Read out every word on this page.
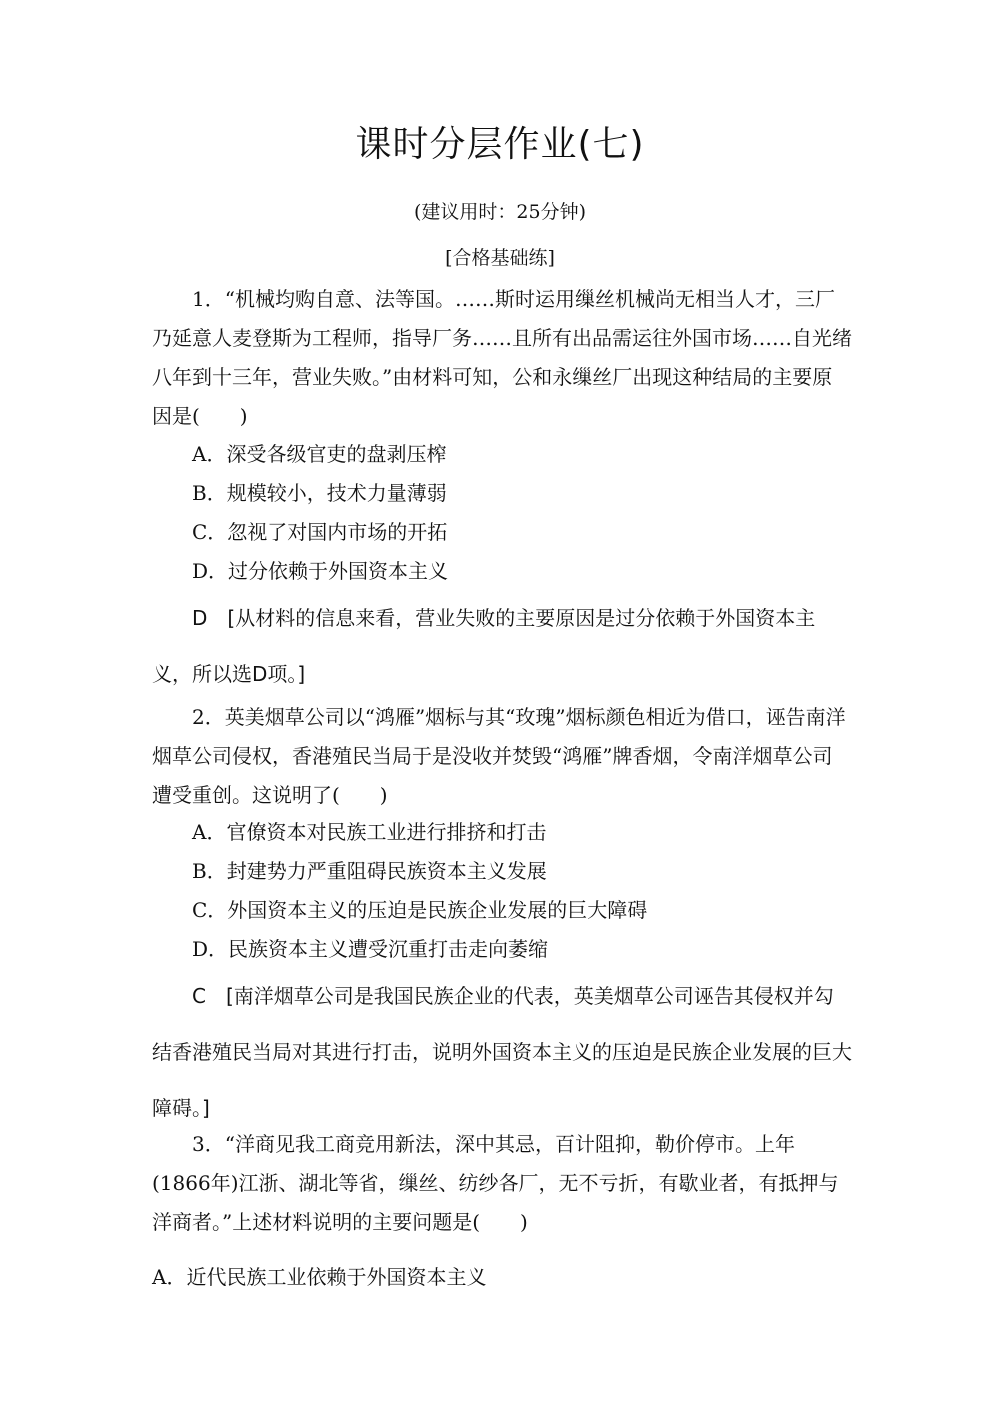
课时分层作业(七)
(建议用时：25分钟)
[合格基础练]
1．“机械均购自意、法等国。……斯时运用缫丝机械尚无相当人才，三厂乃延意人麦登斯为工程师，指导厂务……且所有出品需运往外国市场……自光绪八年到十三年，营业失败。”由材料可知，公和永缫丝厂出现这种结局的主要原因是(　　)
A．深受各级官吏的盘剥压榨
B．规模较小，技术力量薄弱
C．忽视了对国内市场的开拓
D．过分依赖于外国资本主义
D　[从材料的信息来看，营业失败的主要原因是过分依赖于外国资本主义，所以选D项。]
2．英美烟草公司以“鸿雁”烟标与其“玫瑰”烟标颜色相近为借口，诬告南洋烟草公司侵权，香港殖民当局于是没收并焚毁“鸿雁”牌香烟，令南洋烟草公司遭受重创。这说明了(　　)
A．官僚资本对民族工业进行排挤和打击
B．封建势力严重阻碍民族资本主义发展
C．外国资本主义的压迫是民族企业发展的巨大障碍
D．民族资本主义遭受沉重打击走向萎缩
C　[南洋烟草公司是我国民族企业的代表，英美烟草公司诬告其侵权并勾结香港殖民当局对其进行打击，说明外国资本主义的压迫是民族企业发展的巨大障碍。]
3．“洋商见我工商竞用新法，深中其忌，百计阻抑，勒价停市。上年(1866年)江浙、湖北等省，缫丝、纺纱各厂，无不亏折，有歇业者，有抵押与洋商者。”上述材料说明的主要问题是(　　)
A．近代民族工业依赖于外国资本主义
